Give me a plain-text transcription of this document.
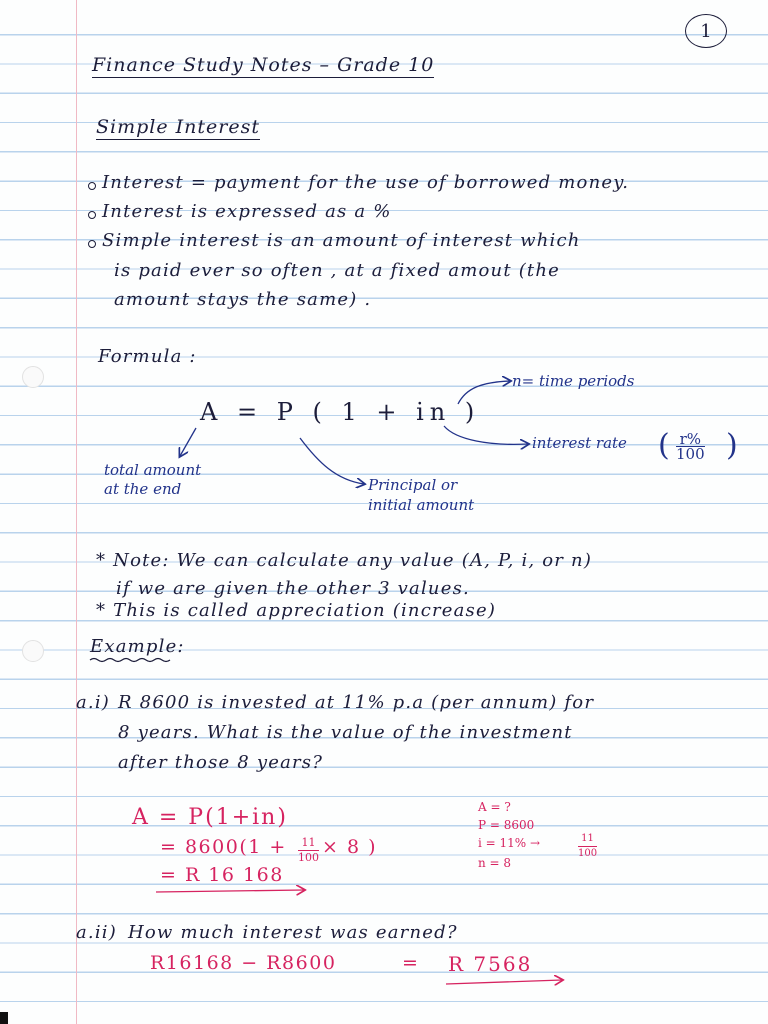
1
Finance Study Notes – Grade 10
Simple Interest
Interest = payment for the use of borrowed money.
Interest is expressed as a %
Simple interest is an amount of interest which
is paid ever so often , at a fixed amout (the
amount stays the same) .
Formula :
A = P ( 1 + in )
n= time periods
interest rate ( r%
100 )
total amount
at the end	Principal or
initial amount
* Note: We can calculate any value (A, P, i, or n)
if we are given the other 3 values.
* This is called appreciation (increase)
Example:
a.i) R 8600 is invested at 11% p.a (per annum) for
8 years. What is the value of the investment
after those 8 years?
A = P(1+in)
= 8600(1 + 11
100 × 8 )
= R 16 168
A = ?
P = 8600
i = 11% →	11
100
n = 8
a.ii) How much interest was earned?
R16168 − R8600	= R 7568
